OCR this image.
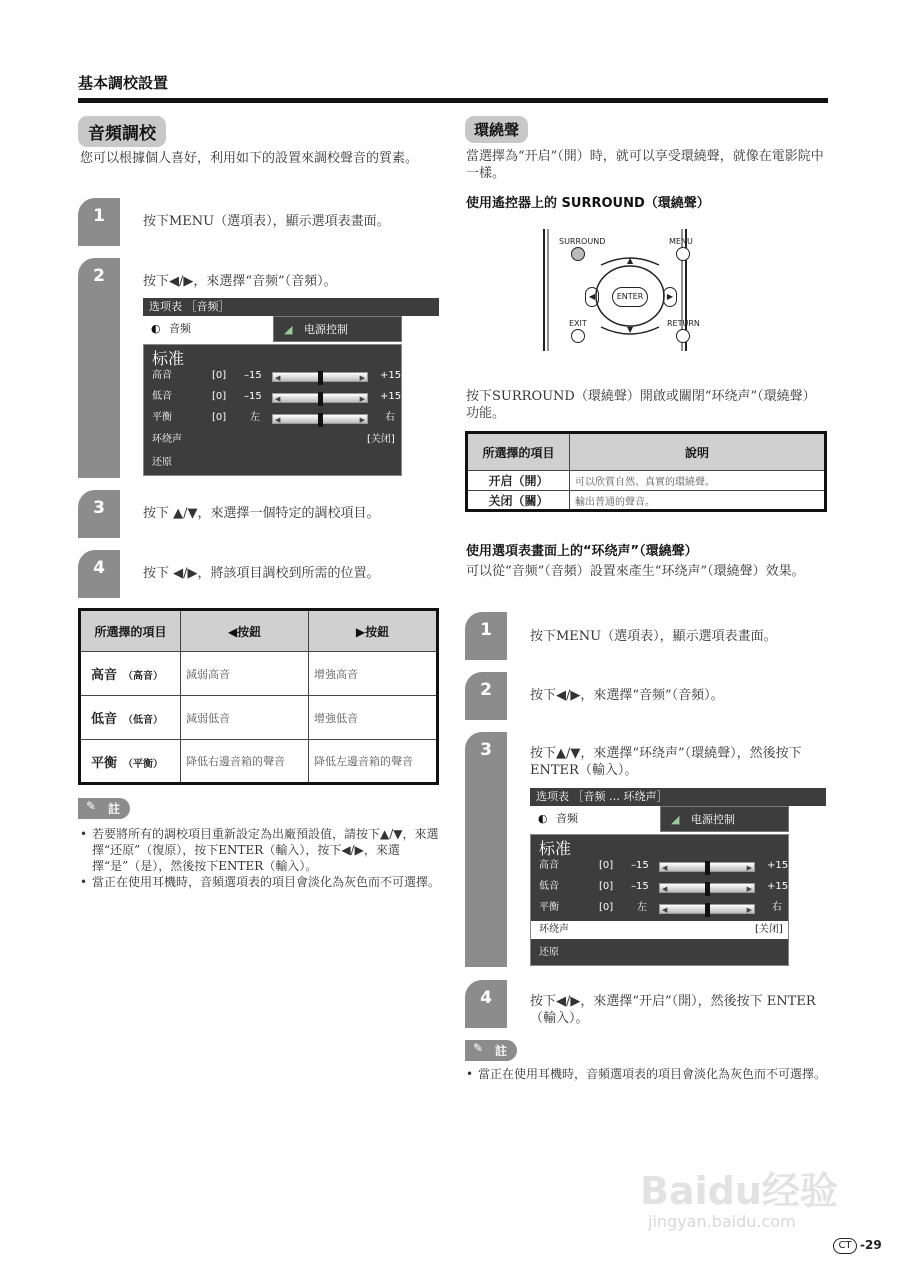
基本調校設置
音頻調校
您可以根據個人喜好，利用如下的設置來調校聲音的質素。
1	按下MENU（選項表），顯示選項表畫面。
2	按下◀/▶，來選擇“音频”（音頻）。
选项表 ［音频］
◐ 音频	◢ 电源控制
标准
高音	[0] –15 ◀	▶ +15
低音	[0] –15 ◀	▶ +15
平衡	[0] 左 ◀	▶ 右
环绕声	[关闭]
还原
3	按下 ▲/▼，來選擇一個特定的調校項目。
4	按下 ◀/▶，將該項目調校到所需的位置。
所選擇的項目	◀按鈕	▶按鈕
高音 （高音）	減弱高音	增強高音
低音 （低音）	減弱低音	增強低音
平衡 （平衡）	降低右邊音箱的聲音	降低左邊音箱的聲音
✎ 註
• 若要將所有的調校項目重新設定為出廠預設值，請按下▲/▼，來選擇“还原”（復原），按下ENTER（輸入），按下◀/▶，來選擇“是”（是），然後按下ENTER（輸入）。
• 當正在使用耳機時，音頻選項表的項目會淡化為灰色而不可選擇。
環繞聲
當選擇為“开启”（開）時，就可以享受環繞聲，就像在電影院中一樣。
使用遙控器上的 SURROUND（環繞聲）
SURROUND	MENU
▲
▼
◀	▶
ENTER
EXIT	RETURN
按下SURROUND（環繞聲）開啟或關閉“环绕声”（環繞聲）功能。
所選擇的項目	說明
开启（開）	可以欣賞自然、真實的環繞聲。
关闭（關）	輸出普通的聲音。
使用選項表畫面上的“环绕声”（環繞聲）
可以從“音频”（音頻）設置來產生“环绕声”（環繞聲）效果。
1	按下MENU（選項表），顯示選項表畫面。
2	按下◀/▶，來選擇“音频”（音頻）。
3	按下▲/▼，來選擇“环绕声”（環繞聲），然後按下ENTER（輸入）。
选项表 ［音频 … 环绕声］
◐ 音频	◢ 电源控制
标准
高音	[0] –15 ◀	▶ +15
低音	[0] –15 ◀	▶ +15
平衡	[0] 左 ◀	▶ 右
环绕声	[关闭]
还原
4	按下◀/▶，來選擇“开启”（開），然後按下 ENTER（輸入）。
✎ 註
• 當正在使用耳機時，音頻選項表的項目會淡化為灰色而不可選擇。
Baidu经验
jingyan.baidu.com
CT -29
